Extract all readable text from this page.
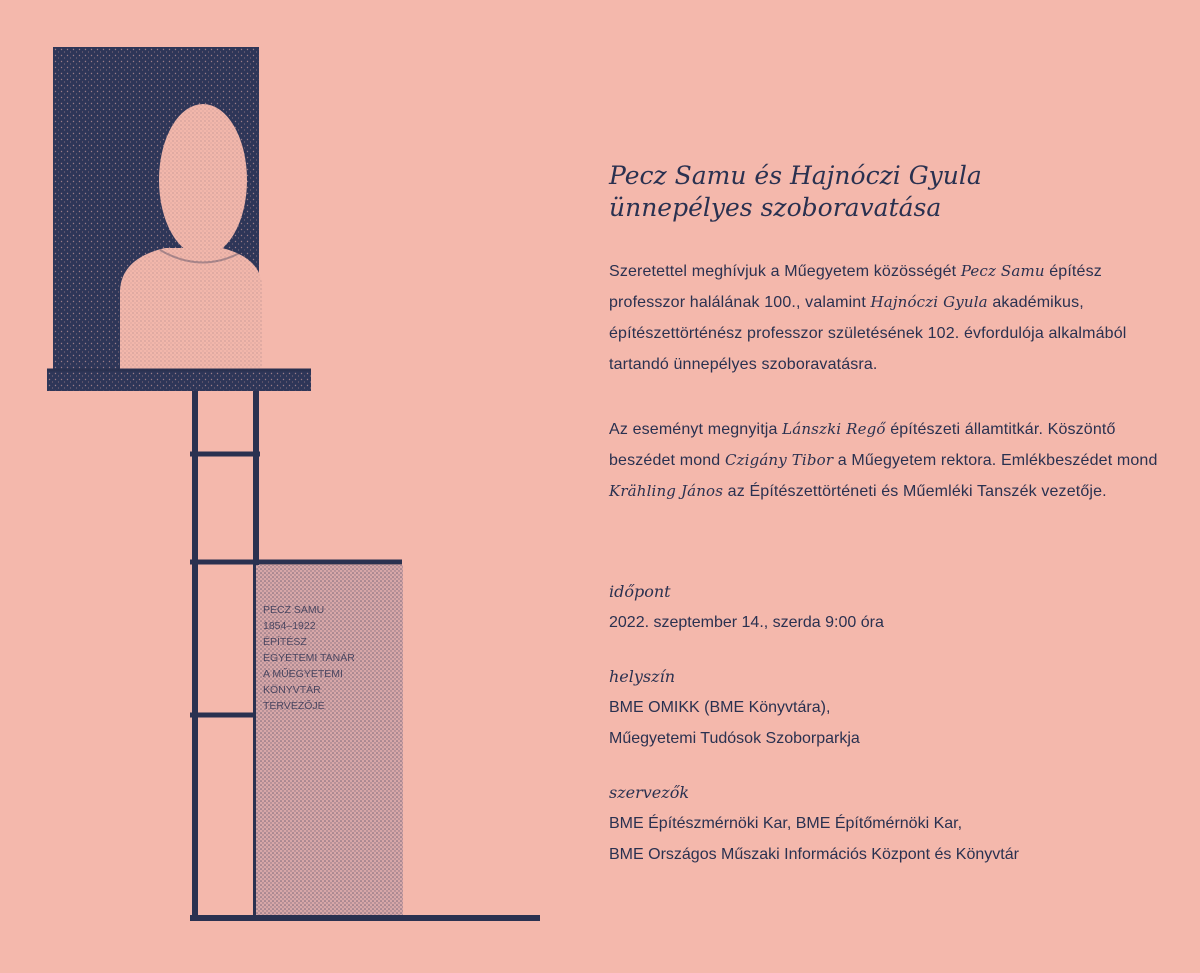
PECZ SAMU
1854–1922
ÉPÍTÉSZ
EGYETEMI TANÁR
A MŰEGYETEMI
KÖNYVTÁR
TERVEZŐJE
Pecz Samu és Hajnóczi Gyula
ünnepélyes szoboravatása

Szeretettel meghívjuk a Műegyetem közösségét Pecz Samu építész professzor halálának 100., valamint Hajnóczi Gyula akadémikus, építészettörténész professzor születésének 102. évfordulója alkalmából tartandó ünnepélyes szoboravatásra.

Az eseményt megnyitja Lánszki Regő építészeti államtitkár. Köszöntő beszédet mond Czigány Tibor a Műegyetem rektora. Emlékbeszédet mond Krähling János az Építészettörténeti és Műemléki Tanszék vezetője.

időpont
2022. szeptember 14., szerda 9:00 óra
helyszín
BME OMIKK (BME Könyvtára),
Műegyetemi Tudósok Szoborparkja
szervezők
BME Építészmérnöki Kar, BME Építőmérnöki Kar,
BME Országos Műszaki Információs Központ és Könyvtár
